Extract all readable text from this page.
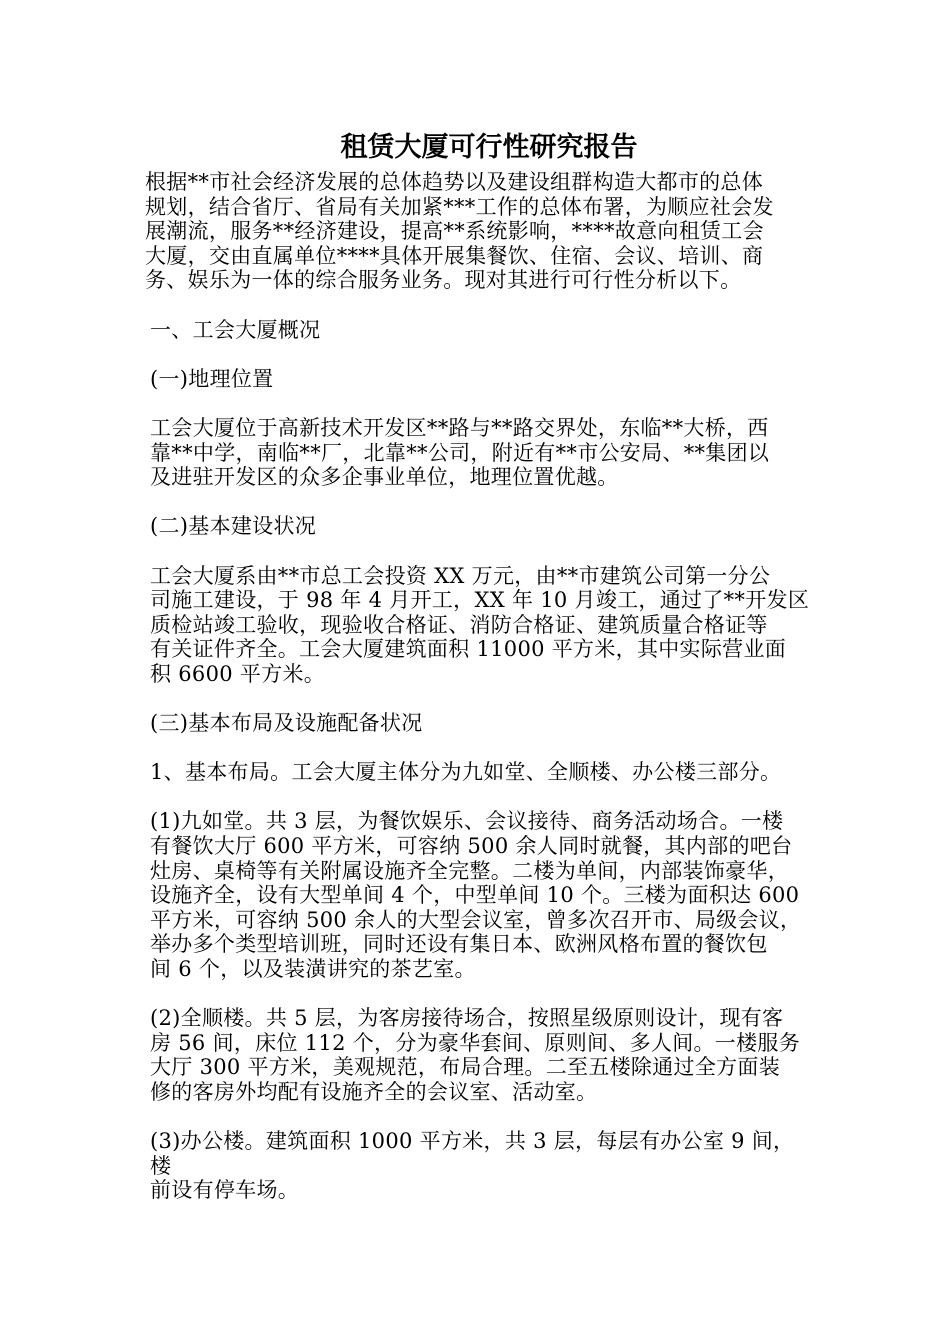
租赁大厦可行性研究报告

根据**市社会经济发展的总体趋势以及建设组群构造大都市的总体
规划，结合省厅、省局有关加紧***工作的总体布署，为顺应社会发
展潮流，服务**经济建设，提高**系统影响，****故意向租赁工会
大厦，交由直属单位****具体开展集餐饮、住宿、会议、培训、商
务、娱乐为一体的综合服务业务。现对其进行可行性分析以下。

一、工会大厦概况

(一)地理位置

工会大厦位于高新技术开发区**路与**路交界处，东临**大桥，西
靠**中学，南临**厂，北靠**公司，附近有**市公安局、**集团以
及进驻开发区的众多企事业单位，地理位置优越。

(二)基本建设状况

工会大厦系由**市总工会投资 XX 万元，由**市建筑公司第一分公
司施工建设，于 98 年 4 月开工，XX 年 10 月竣工，通过了**开发区
质检站竣工验收，现验收合格证、消防合格证、建筑质量合格证等
有关证件齐全。工会大厦建筑面积 11000 平方米，其中实际营业面
积 6600 平方米。

(三)基本布局及设施配备状况

1、基本布局。工会大厦主体分为九如堂、全顺楼、办公楼三部分。

(1)九如堂。共 3 层，为餐饮娱乐、会议接待、商务活动场合。一楼
有餐饮大厅 600 平方米，可容纳 500 余人同时就餐，其内部的吧台
灶房、桌椅等有关附属设施齐全完整。二楼为单间，内部装饰豪华，
设施齐全，设有大型单间 4 个，中型单间 10 个。三楼为面积达 600
平方米，可容纳 500 余人的大型会议室，曾多次召开市、局级会议，
举办多个类型培训班，同时还设有集日本、欧洲风格布置的餐饮包
间 6 个，以及装潢讲究的茶艺室。

(2)全顺楼。共 5 层，为客房接待场合，按照星级原则设计，现有客
房 56 间，床位 112 个，分为豪华套间、原则间、多人间。一楼服务
大厅 300 平方米，美观规范，布局合理。二至五楼除通过全方面装
修的客房外均配有设施齐全的会议室、活动室。

(3)办公楼。建筑面积 1000 平方米，共 3 层，每层有办公室 9 间，楼
前设有停车场。
